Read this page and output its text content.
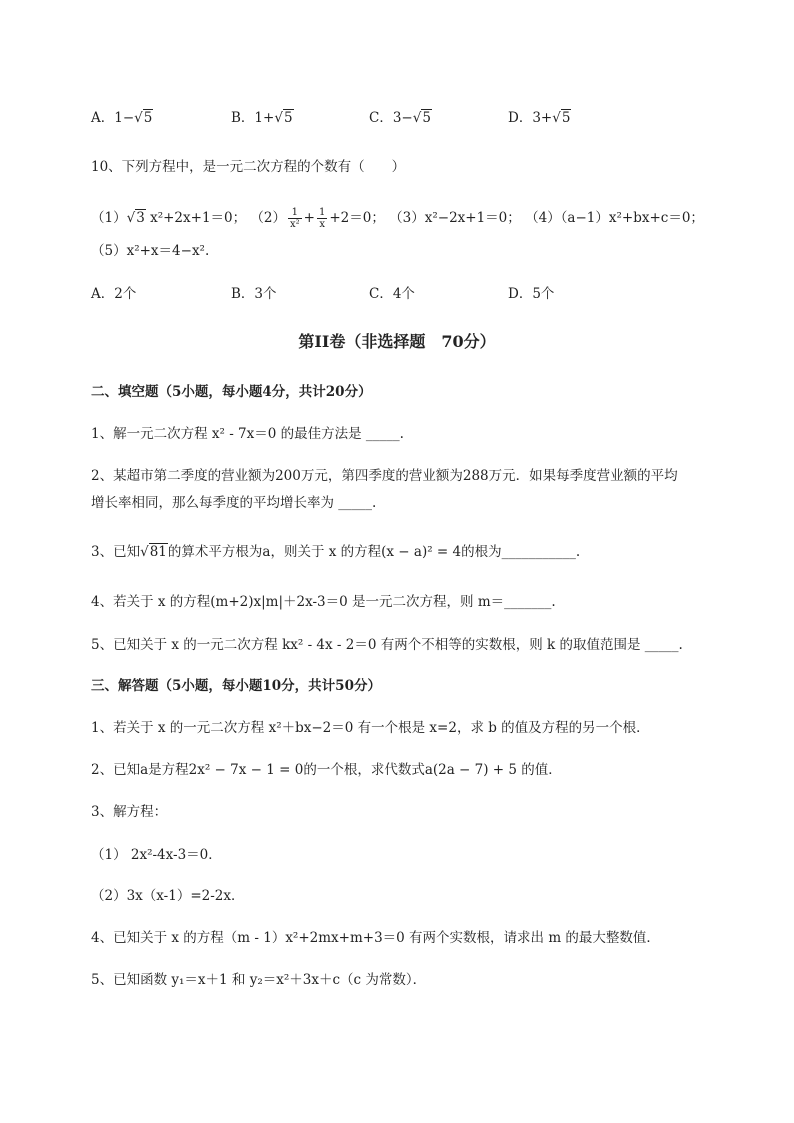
A．1−√5	B．1+√5	C．3−√5	D．3+√5
10、下列方程中，是一元二次方程的个数有（　　）
（1）√3 x²+2x+1＝0； $(2) \frac{1}{\text{x²}} + \frac{1}{x} +2=0$； （3）x²−2x+1＝0； （4）（a−1）x²+bx+c＝0；
（5）x²+x＝4−x².
A．2个	B．3个	C．4个	D．5个
第II卷（非选择题　70分）
二、填空题（5小题，每小题4分，共计20分）
1、解一元二次方程 x² - 7x＝0 的最佳方法是 _____.
2、某超市第二季度的营业额为200万元，第四季度的营业额为288万元．如果每季度营业额的平均
增长率相同，那么每季度的平均增长率为 _____.
3、已知√81的算术平方根为a，则关于 x 的方程(x − a)² = 4的根为___________.
4、若关于 x 的方程(m+2)x|m|＋2x-3＝0 是一元二次方程，则 m＝_______.
5、已知关于 x 的一元二次方程 kx² - 4x - 2＝0 有两个不相等的实数根，则 k 的取值范围是 _____.
三、解答题（5小题，每小题10分，共计50分）
1、若关于 x 的一元二次方程 x²＋bx−2＝0 有一个根是 x=2，求 b 的值及方程的另一个根．
2、已知a是方程2x² − 7x − 1 = 0的一个根，求代数式a(2a − 7) + 5 的值．
3、解方程：
（1） 2x²-4x-3＝0．
（2）3x（x-1）=2-2x．
4、已知关于 x 的方程（m - 1）x²+2mx+m+3＝0 有两个实数根，请求出 m 的最大整数值．
5、已知函数 y₁＝x＋1 和 y₂＝x²＋3x＋c（c 为常数）．
